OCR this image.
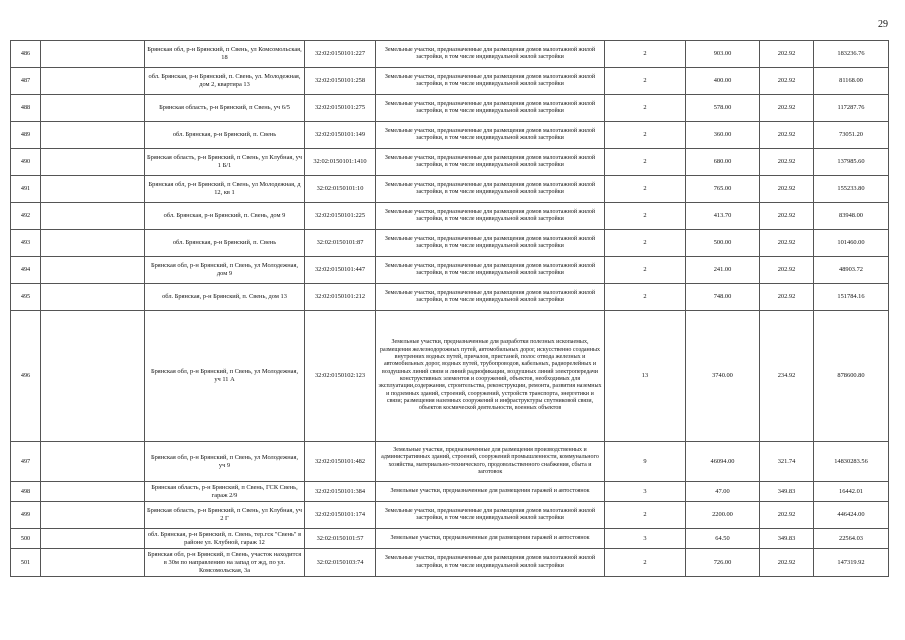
29
486		Брянская обл, р-н Брянский, п Свень, ул Комсомольская, 18	32:02:0150101:227	Земельные участки, предназначенные для размещения домов малоэтажной жилой застройки, в том числе индивидуальной жилой застройки	2	903.00	202.92	183236.76
487		обл. Брянская, р-н Брянский, п. Свень, ул. Молодежная, дом 2, квартира 13	32:02:0150101:258	Земельные участки, предназначенные для размещения домов малоэтажной жилой застройки, в том числе индивидуальной жилой застройки	2	400.00	202.92	81168.00
488		Брянская область, р-н Брянский, п Свень, уч 6/5	32:02:0150101:275	Земельные участки, предназначенные для размещения домов малоэтажной жилой застройки, в том числе индивидуальной жилой застройки	2	578.00	202.92	117287.76
489		обл. Брянская, р-н Брянский, п. Свень	32:02:0150101:149	Земельные участки, предназначенные для размещения домов малоэтажной жилой застройки, в том числе индивидуальной жилой застройки	2	360.00	202.92	73051.20
490		Брянская область, р-н Брянский, п Свень, ул Клубная, уч 1 Б/1	32:02:0150101:1410	Земельные участки, предназначенные для размещения домов малоэтажной жилой застройки, в том числе индивидуальной жилой застройки	2	680.00	202.92	137985.60
491		Брянская обл, р-н Брянский, п Свень, ул Молодежная, д 12, кв 1	32:02:0150101:10	Земельные участки, предназначенные для размещения домов малоэтажной жилой застройки, в том числе индивидуальной жилой застройки	2	765.00	202.92	155233.80
492		обл. Брянская, р-н Брянский, п. Свень, дом 9	32:02:0150101:225	Земельные участки, предназначенные для размещения домов малоэтажной жилой застройки, в том числе индивидуальной жилой застройки	2	413.70	202.92	83948.00
493		обл. Брянская, р-н Брянский, п. Свень	32:02:0150101:87	Земельные участки, предназначенные для размещения домов малоэтажной жилой застройки, в том числе индивидуальной жилой застройки	2	500.00	202.92	101460.00
494		Брянская обл, р-н Брянский, п Свень, ул Молодежная, дом 9	32:02:0150101:447	Земельные участки, предназначенные для размещения домов малоэтажной жилой застройки, в том числе индивидуальной жилой застройки	2	241.00	202.92	48903.72
495		обл. Брянская, р-н Брянский, п. Свень, дом 13	32:02:0150101:212	Земельные участки, предназначенные для размещения домов малоэтажной жилой застройки, в том числе индивидуальной жилой застройки	2	748.00	202.92	151784.16
496		Брянская обл, р-н Брянский, п Свень, ул Молодежная, уч 11 А	32:02:0150102:123	Земельные участки, предназначенные для разработки полезных ископаемых, размещения железнодорожных путей, автомобильных дорог, искусственно созданных внутренних водных путей, причалов, пристаней, полос отвода железных и автомобильных дорог, водных путей, трубопроводов, кабельных, радиорелейных и воздушных линий связи и линий радиофикации, воздушных линий электропередачи конструктивных элементов и сооружений, объектов, необходимых для эксплуатации,содержания, строительства, реконструкции, ремонта, развития наземных и подземных зданий, строений, сооружений, устройств транспорта, энергетики и связи; размещения наземных сооружений и инфраструктуры спутниковой связи, объектов космической деятельности, военных объектов	13	3740.00	234.92	878600.80
497		Брянская обл, р-н Брянский, п Свень, ул Молодежная, уч 9	32:02:0150101:482	Земельные участки, предназначенные для размещения производственных и административных зданий, строений, сооружений промышленности, коммунального хозяйства, материально-технического, продовольственного снабжения, сбыта и заготовок	9	46094.00	321.74	14830283.56
498		Брянская область, р-н Брянский, п Свень, ГСК Свень, гараж 2/9	32:02:0150101:384	Земельные участки, предназначенные для размещения гаражей и автостоянок	3	47.00	349.83	16442.01
499		Брянская область, р-н Брянский, п Свень, ул Клубная, уч 2 Г	32:02:0150101:174	Земельные участки, предназначенные для размещения домов малоэтажной жилой застройки, в том числе индивидуальной жилой застройки	2	2200.00	202.92	446424.00
500		обл. Брянская, р-н Брянский, п. Свень, тер.гск "Свень" в районе ул. Клубной, гараж 12	32:02:0150101:57	Земельные участки, предназначенные для размещения гаражей и автостоянок	3	64.50	349.83	22564.03
501		Брянская обл, р-н Брянский, п Свень, участок находится в 30м по направлению на запад от жд, по ул. Комсомольская, 3а	32:02:0150103:74	Земельные участки, предназначенные для размещения домов малоэтажной жилой застройки, в том числе индивидуальной жилой застройки	2	726.00	202.92	147319.92
